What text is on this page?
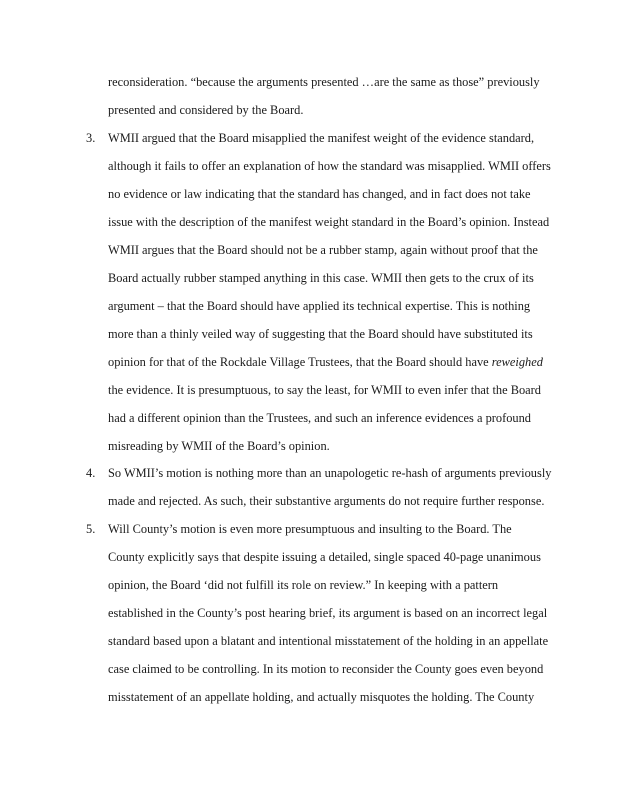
reconsideration. “because the arguments presented …are the same as those” previously
presented and considered by the Board.
3. WMII argued that the Board misapplied the manifest weight of the evidence standard,
although it fails to offer an explanation of how the standard was misapplied. WMII offers
no evidence or law indicating that the standard has changed, and in fact does not take
issue with the description of the manifest weight standard in the Board’s opinion. Instead
WMII argues that the Board should not be a rubber stamp, again without proof that the
Board actually rubber stamped anything in this case. WMII then gets to the crux of its
argument – that the Board should have applied its technical expertise. This is nothing
more than a thinly veiled way of suggesting that the Board should have substituted its
opinion for that of the Rockdale Village Trustees, that the Board should have reweighed
the evidence. It is presumptuous, to say the least, for WMII to even infer that the Board
had a different opinion than the Trustees, and such an inference evidences a profound
misreading by WMII of the Board’s opinion.
4. So WMII’s motion is nothing more than an unapologetic re-hash of arguments previously
made and rejected. As such, their substantive arguments do not require further response.
5. Will County’s motion is even more presumptuous and insulting to the Board. The
County explicitly says that despite issuing a detailed, single spaced 40-page unanimous
opinion, the Board ‘did not fulfill its role on review.” In keeping with a pattern
established in the County’s post hearing brief, its argument is based on an incorrect legal
standard based upon a blatant and intentional misstatement of the holding in an appellate
case claimed to be controlling. In its motion to reconsider the County goes even beyond
misstatement of an appellate holding, and actually misquotes the holding. The County
